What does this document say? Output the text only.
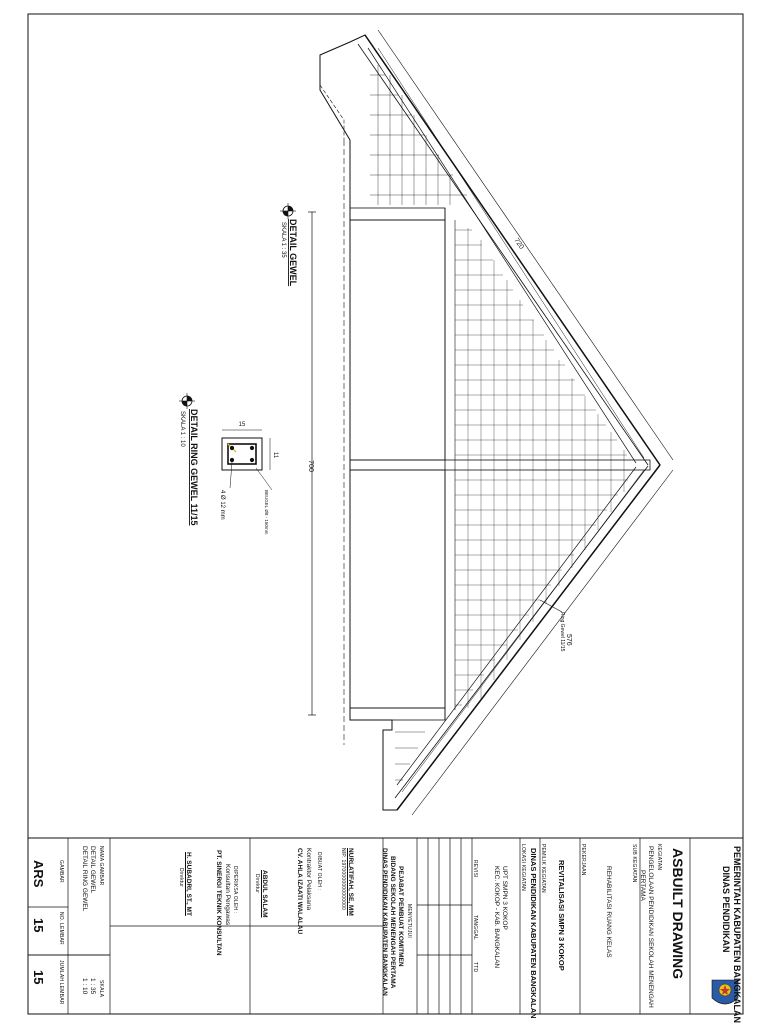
700
720
576
Ring Gewel 11/15
DETAIL GEWEL
SKALA 1 : 35
DETAIL RING GEWEL 11/15
SKALA 1 : 10	15
11
BEUGEL Ø8 - 150mm
4 Ø 12 mm
PEMERINTAH KABUPATEN BANGKALAN
DINAS PENDIDIKAN
ASBUILT DRAWING
KEGIATAN
PENGELOLAAN PENDIDIKAN SEKOLAH MENENGAH
PERTAMA
SUB KEGIATAN
REHABILITASI RUANG KELAS
PEKERJAAN
REVITALISASI SMPN 3 KOKOP
PEMILIK KEGIATAN
DINAS PENDIDIKAN KABUPATEN BANGKALAN
LOKASI KEGIATAN
UPT SMPN 3 KOKOP
KEC. KOKOP - KAB. BANGKALAN
REVISI
TANGGAL
TTD
MENYETUJUI
PEJABAT PEMBUAT KOMITMEN
BIDANG SEKOLAH MENENGAH PERTAMA
DINAS PENDIDIKAN KABUPATEN BANGKALAN
NURLATIFAH, SE, MM
NIP. 19700000000000000
DIBUAT OLEH :
Kontraktor Pelaksana
CV. AHLA IZAATI WALALAU
ABDUL SALAM
Direktur
DIPERIKSA OLEH :
Konsultan Pengawas
PT. SINERGI TEKNIK KONSULTAN
H. SUBADRI, ST., MT
Direktur
NAMA GAMBAR
DETAIL GEWEL
DETAIL RING GEWEL
SKALA
1 : 35
1 : 10
GAMBAR
NO. LEMBAR
JUMLAH LEMBAR
ARS
15
15
